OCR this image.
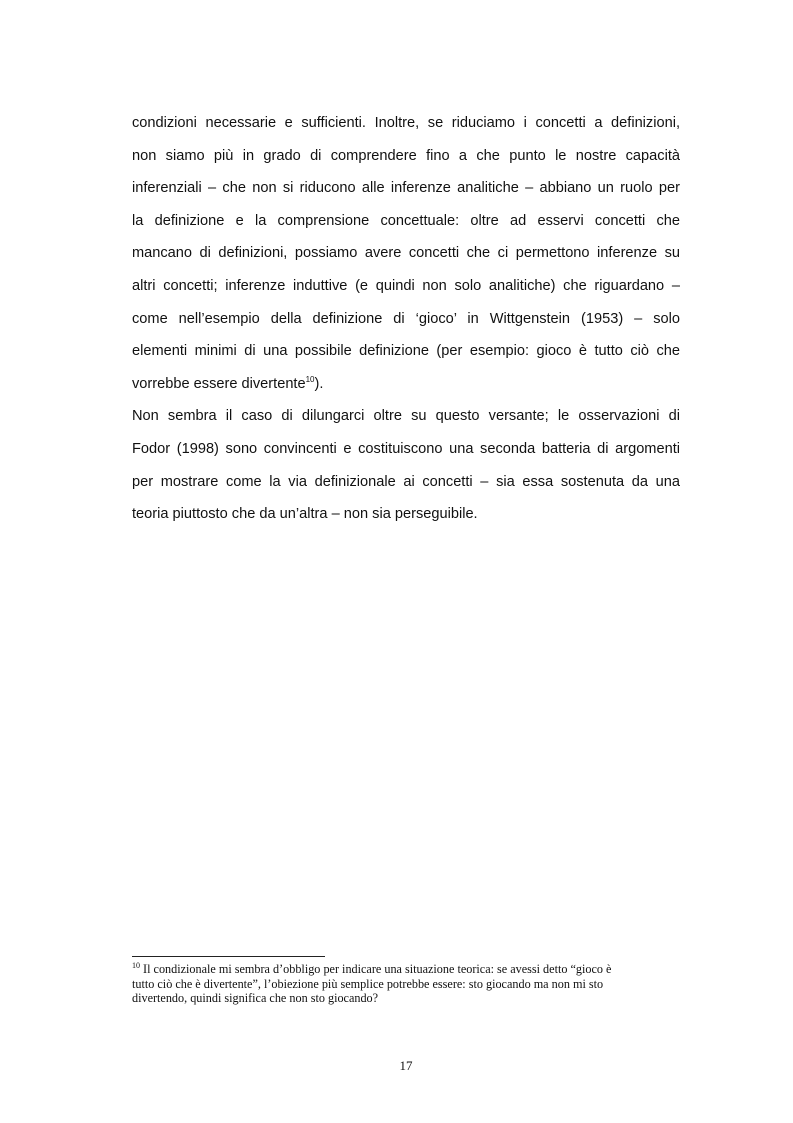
condizioni necessarie e sufficienti. Inoltre, se riduciamo i concetti a definizioni,
non siamo più in grado di comprendere fino a che punto le nostre capacità
inferenziali – che non si riducono alle inferenze analitiche – abbiano un ruolo per
la definizione e la comprensione concettuale: oltre ad esservi concetti che
mancano di definizioni, possiamo avere concetti che ci permettono inferenze su
altri concetti; inferenze induttive (e quindi non solo analitiche) che riguardano –
come nell’esempio della definizione di ‘gioco’ in Wittgenstein (1953) – solo
elementi minimi di una possibile definizione (per esempio: gioco è tutto ciò che
vorrebbe essere divertente$^{10}$).
Non sembra il caso di dilungarci oltre su questo versante; le osservazioni di
Fodor (1998) sono convincenti e costituiscono una seconda batteria di argomenti
per mostrare come la via definizionale ai concetti – sia essa sostenuta da una
teoria piuttosto che da un’altra – non sia perseguibile.
$^{10}$ Il condizionale mi sembra d’obbligo per indicare una situazione teorica: se avessi detto “gioco è
tutto ciò che è divertente”, l’obiezione più semplice potrebbe essere: sto giocando ma non mi sto
divertendo, quindi significa che non sto giocando?
17
